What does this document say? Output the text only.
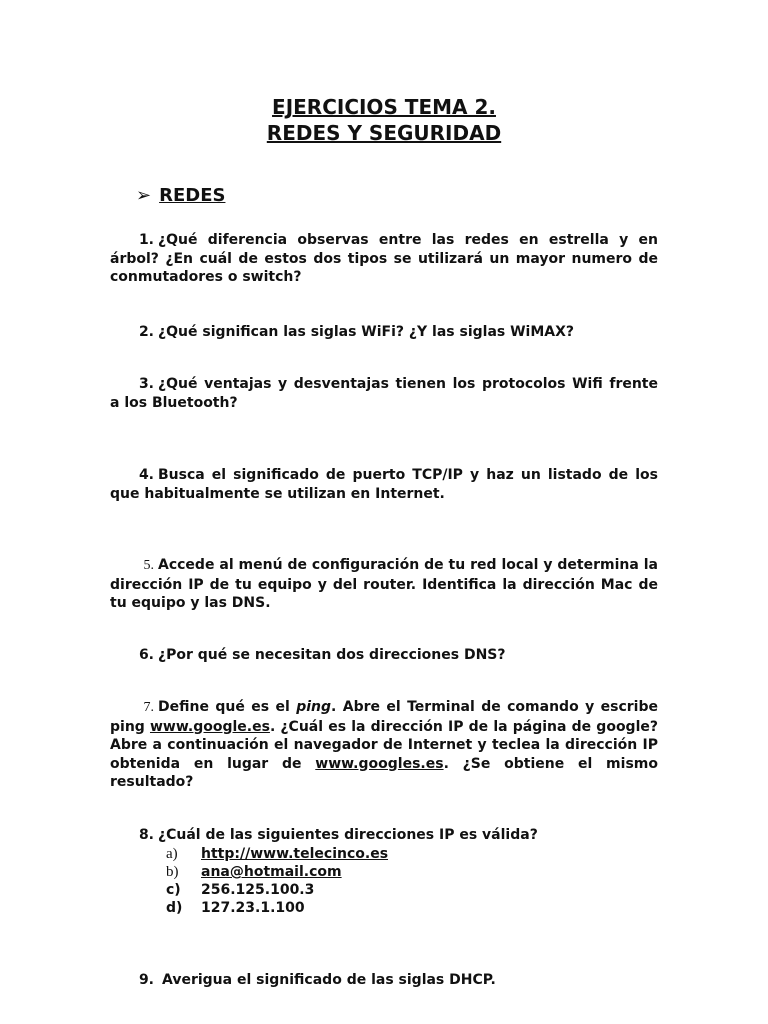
EJERCICIOS TEMA 2.
REDES Y SEGURIDAD
➢ REDES
1. ¿Qué diferencia observas entre las redes en estrella y en árbol? ¿En cuál de estos dos tipos se utilizará un mayor numero de conmutadores o switch?
2. ¿Qué significan las siglas WiFi? ¿Y las siglas WiMAX?
3. ¿Qué ventajas y desventajas tienen los protocolos Wifi frente a los Bluetooth?
4. Busca el significado de puerto TCP/IP y haz un listado de los que habitualmente se utilizan en Internet.
5. Accede al menú de configuración de tu red local y determina la dirección IP de tu equipo y del router. Identifica la dirección Mac de tu equipo y las DNS.
6. ¿Por qué se necesitan dos direcciones DNS?
7. Define qué es el ping. Abre el Terminal de comando y escribe ping www.google.es. ¿Cuál es la dirección IP de la página de google? Abre a continuación el navegador de Internet y teclea la dirección IP obtenida en lugar de www.googles.es. ¿Se obtiene el mismo resultado?
8. ¿Cuál de las siguientes direcciones IP es válida?
a) http://www.telecinco.es
b) ana@hotmail.com
c) 256.125.100.3
d) 127.23.1.100
9. Averigua el significado de las siglas DHCP.
